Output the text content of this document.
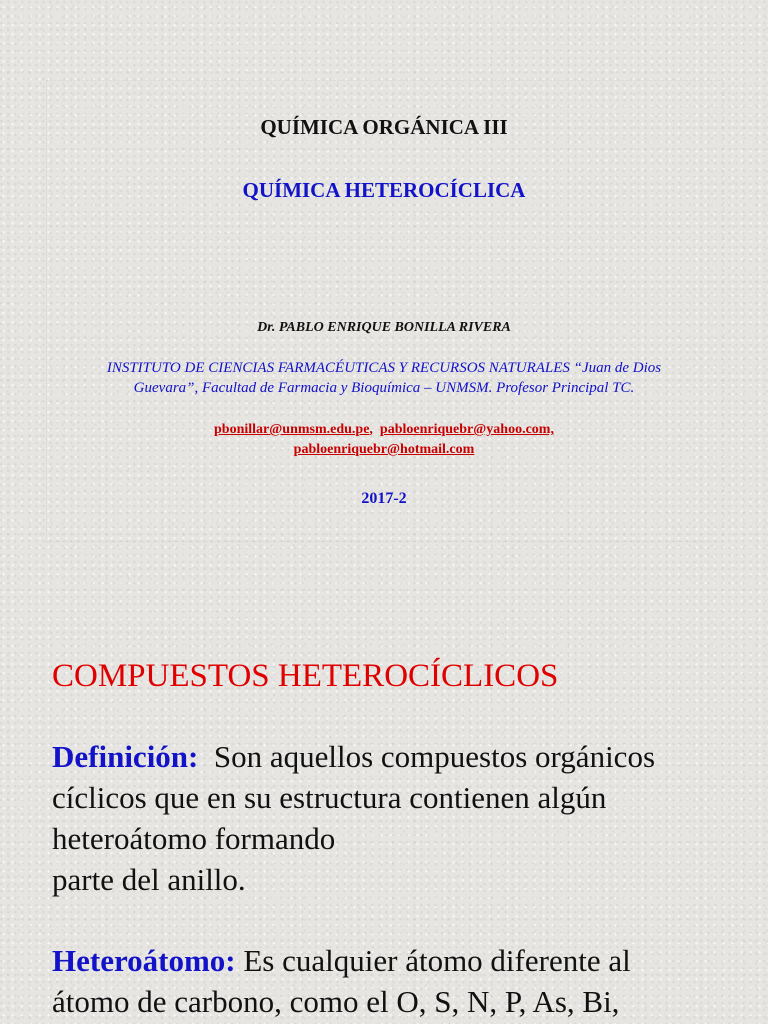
QUÍMICA ORGÁNICA III
QUÍMICA HETEROCÍCLICA
Dr. PABLO ENRIQUE BONILLA RIVERA
INSTITUTO DE CIENCIAS FARMACÉUTICAS Y RECURSOS NATURALES “Juan de Dios
Guevara”, Facultad de Farmacia y Bioquímica – UNMSM. Profesor Principal TC.
pbonillar@unmsm.edu.pe, pabloenriquebr@yahoo.com,
pabloenriquebr@hotmail.com
2017-2
COMPUESTOS HETEROCÍCLICOS
Definición: Son aquellos compuestos orgánicos
cíclicos que en su estructura contienen algún
heteroátomo formando
parte del anillo.
Heteroátomo: Es cualquier átomo diferente al
átomo de carbono, como el O, S, N, P, As, Bi,
